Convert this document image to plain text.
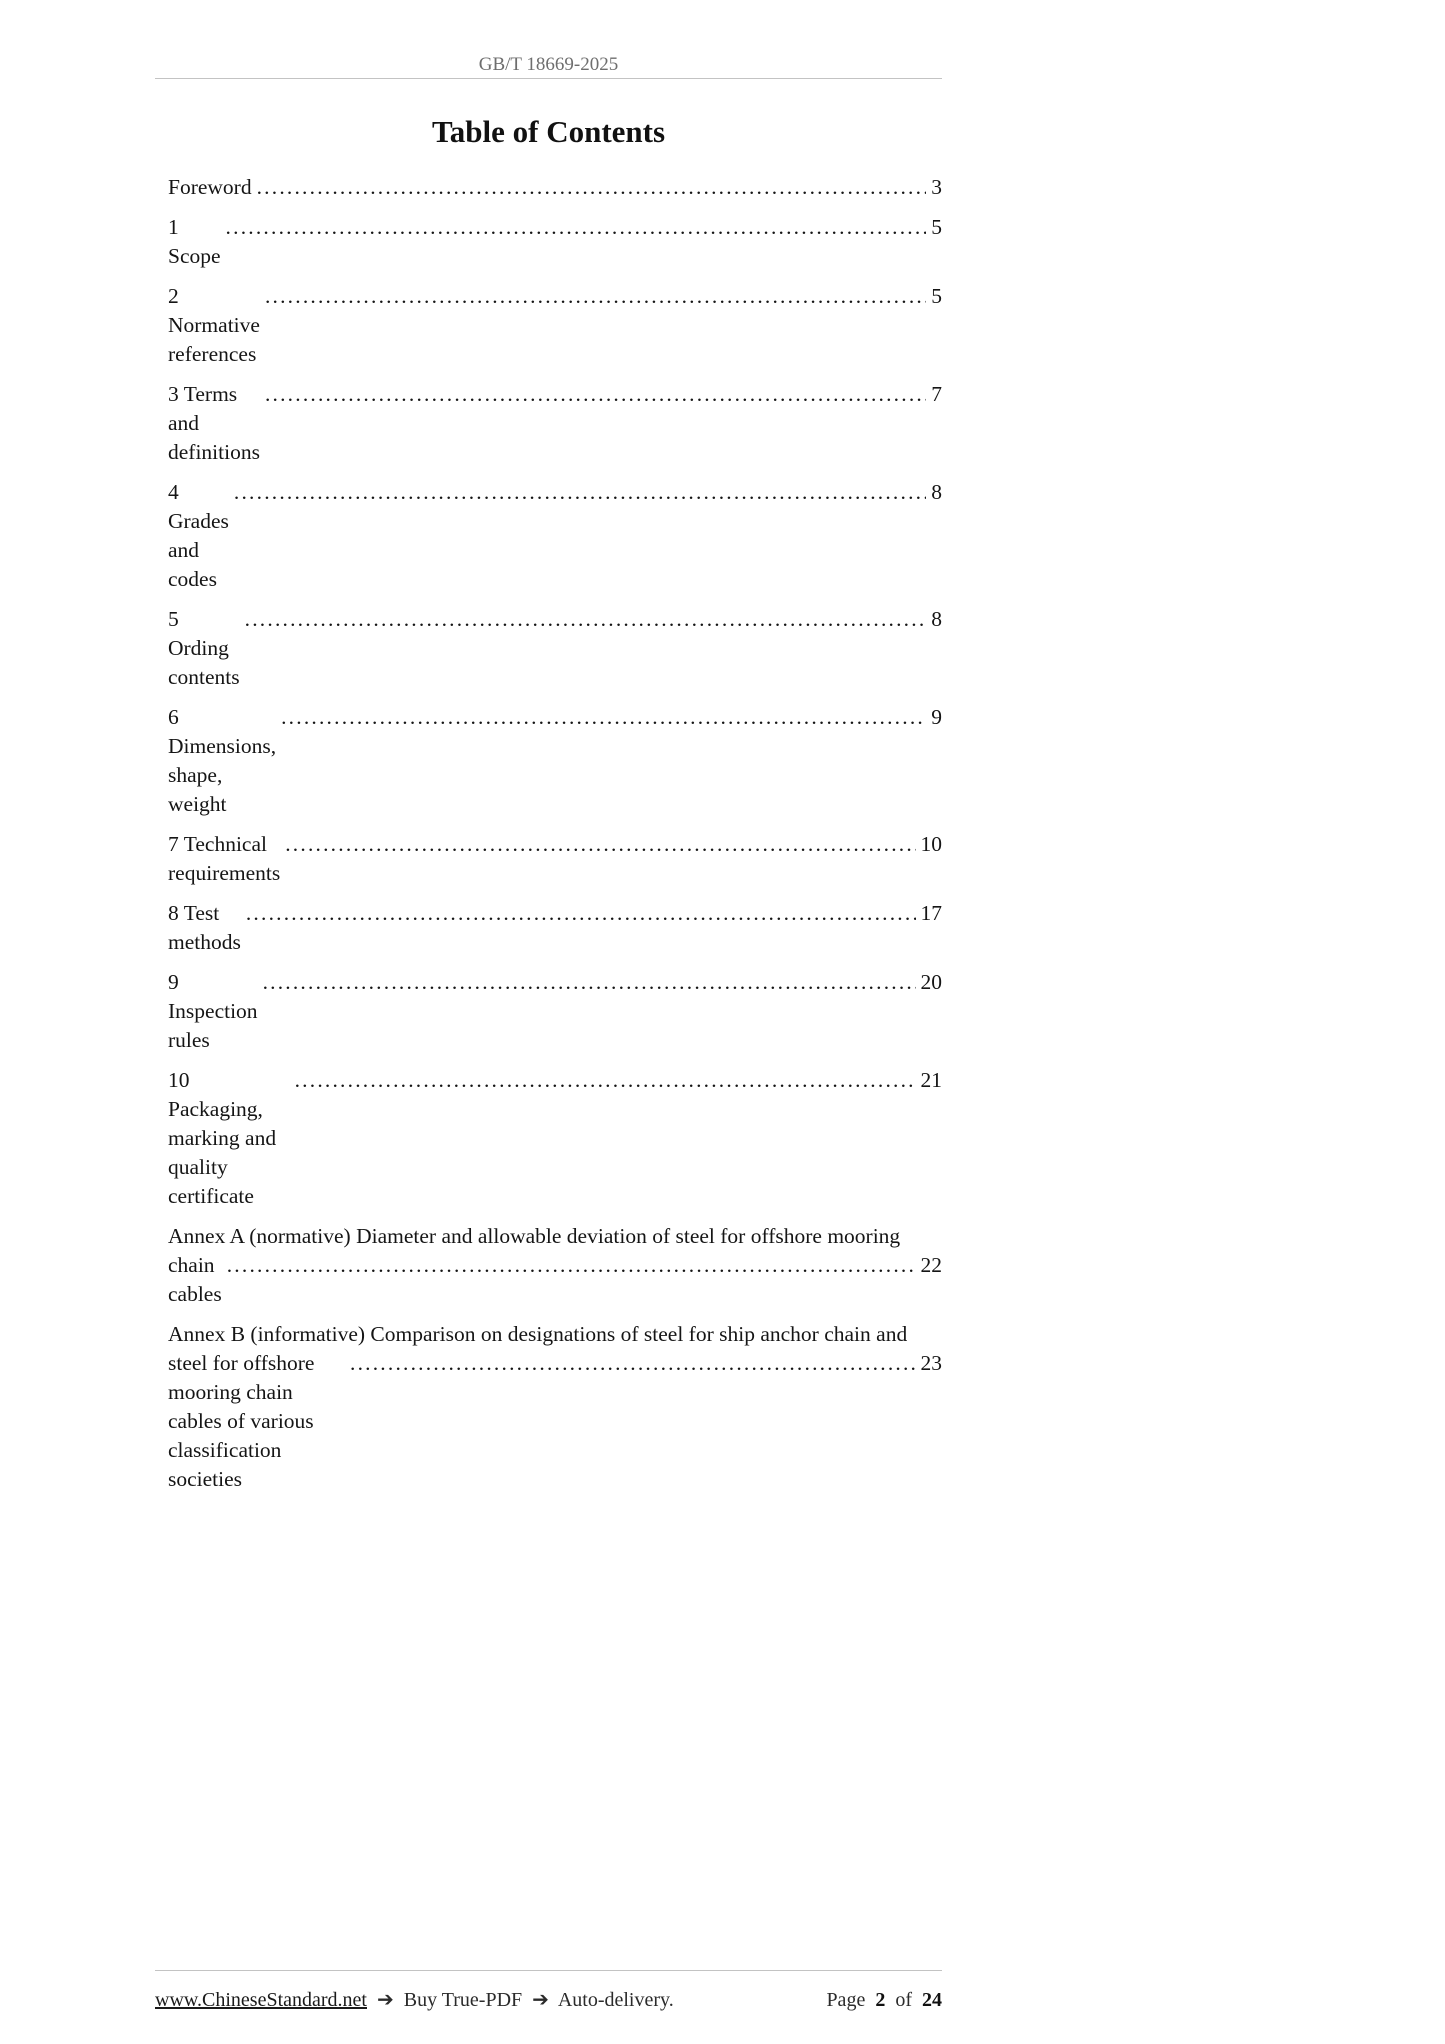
GB/T 18669-2025
Table of Contents
Foreword .....	3
1 Scope
.....
5
2 Normative references
.....
5
3 Terms and definitions
.....
7
4 Grades and codes
.....
8
5 Ording contents
.....
8
6 Dimensions, shape, weight
.....
9
7 Technical requirements
.....
10
8 Test methods
.....
17
9 Inspection rules
.....
20
10 Packaging, marking and quality certificate
.....
21
Annex A (normative) Diameter and allowable deviation of steel for offshore mooring
chain cables
.....
22
Annex B (informative) Comparison on designations of steel for ship anchor chain and
steel for offshore mooring chain cables of various classification societies
.....
23
www.ChineseStandard.net ➔ Buy True-PDF ➔ Auto-delivery.	Page 2 of 24
